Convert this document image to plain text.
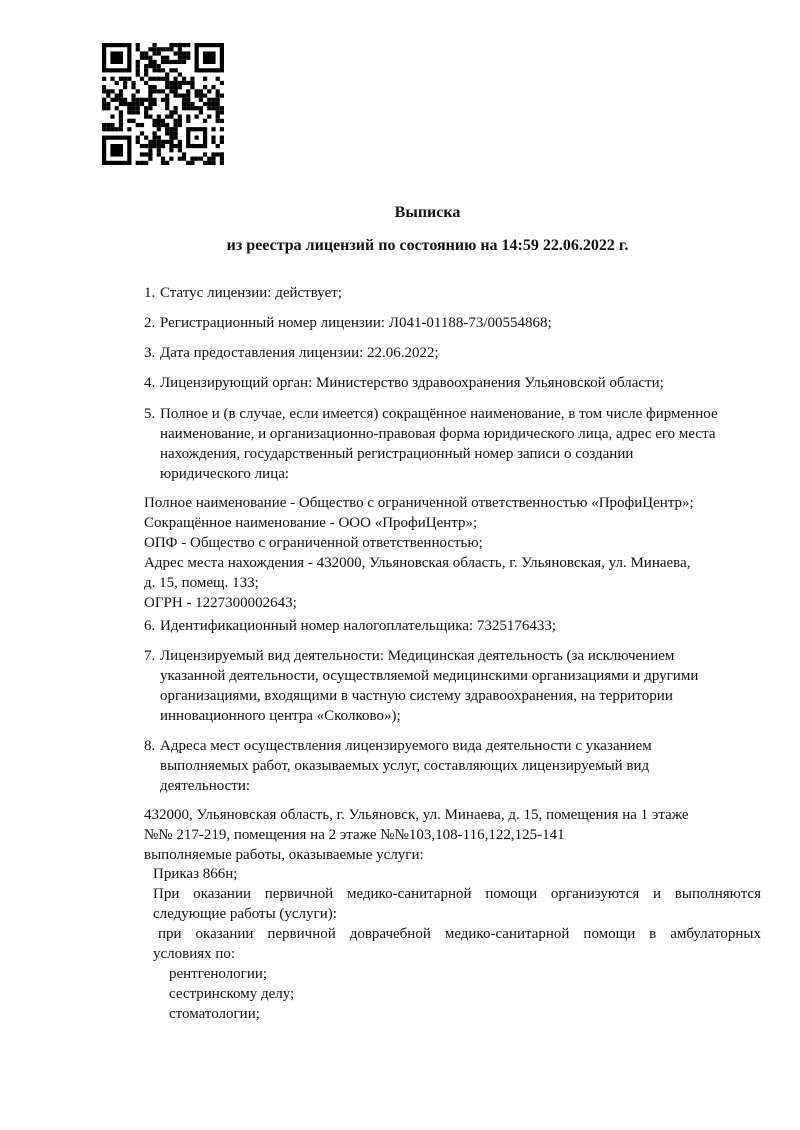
Выписка
из реестра лицензий по состоянию на 14:59 22.06.2022 г.
1. Статус лицензии: действует;
2. Регистрационный номер лицензии: Л041-01188-73/00554868;
3. Дата предоставления лицензии: 22.06.2022;
4. Лицензирующий орган: Министерство здравоохранения Ульяновской области;
5. Полное и (в случае, если имеется) сокращённое наименование, в том числе фирменное
наименование, и организационно-правовая форма юридического лица, адрес его места
нахождения, государственный регистрационный номер записи о создании
юридического лица:
Полное наименование - Общество с ограниченной ответственностью «ПрофиЦентр»;
Сокращённое наименование - ООО «ПрофиЦентр»;
ОПФ - Общество с ограниченной ответственностью;
Адрес места нахождения - 432000, Ульяновская область, г. Ульяновская, ул. Минаева,
д. 15, помещ. 133;
ОГРН - 1227300002643;
6. Идентификационный номер налогоплательщика: 7325176433;
7. Лицензируемый вид деятельности: Медицинская деятельность (за исключением
указанной деятельности, осуществляемой медицинскими организациями и другими
организациями, входящими в частную систему здравоохранения, на территории
инновационного центра «Сколково»);
8. Адреса мест осуществления лицензируемого вида деятельности с указанием
выполняемых работ, оказываемых услуг, составляющих лицензируемый вид
деятельности:
432000, Ульяновская область, г. Ульяновск, ул. Минаева, д. 15, помещения на 1 этаже
№№ 217-219, помещения на 2 этаже №№103,108-116,122,125-141
выполняемые работы, оказываемые услуги:
Приказ 866н;
При оказании первичной медико-санитарной помощи организуются и выполняются
следующие работы (услуги):
при оказании первичной доврачебной медико-санитарной помощи в амбулаторных
условиях по:
рентгенологии;
сестринскому делу;
стоматологии;
